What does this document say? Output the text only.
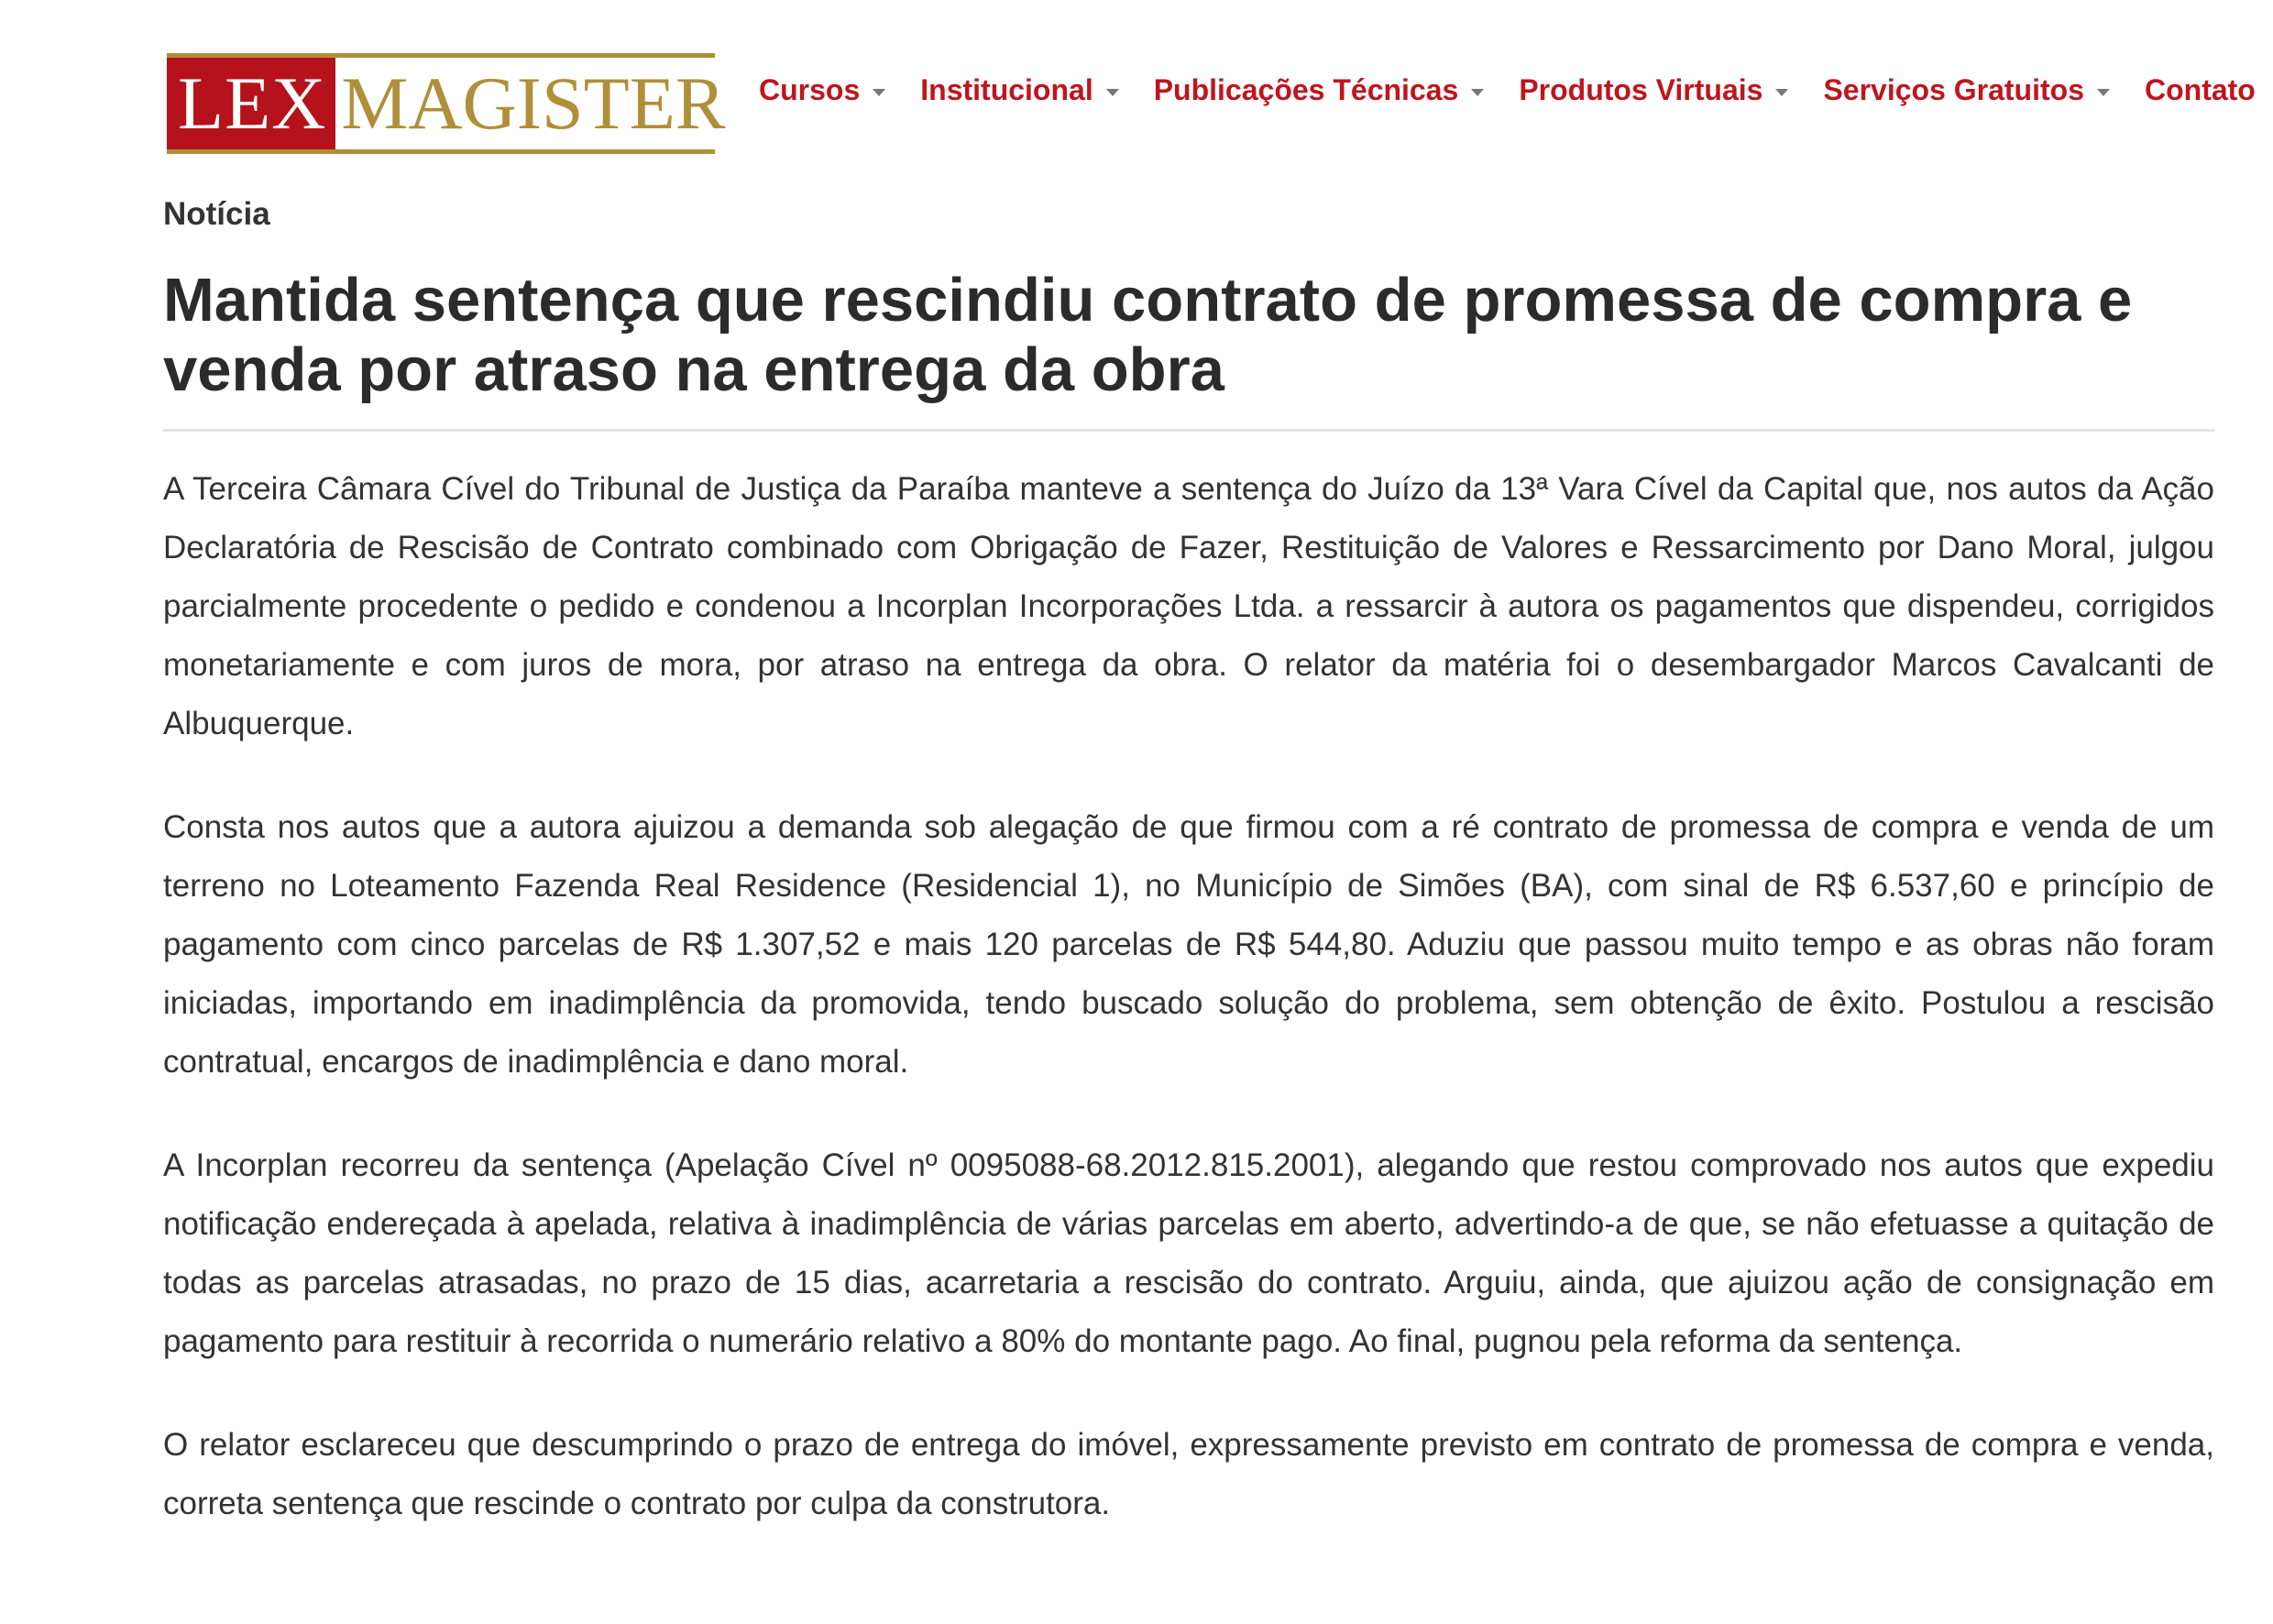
LEX MAGISTER Cursos Institucional Publicações Técnicas Produtos Virtuais Serviços Gratuitos Contato
Notícia
Mantida sentença que rescindiu contrato de promessa de compra e venda por atraso na entrega da obra

A Terceira Câmara Cível do Tribunal de Justiça da Paraíba manteve a sentença do Juízo da 13ª Vara Cível da Capital que, nos autos da Ação Declaratória de Rescisão de Contrato combinado com Obrigação de Fazer, Restituição de Valores e Ressarcimento por Dano Moral, julgou parcialmente procedente o pedido e condenou a Incorplan Incorporações Ltda. a ressarcir à autora os pagamentos que dispendeu, corrigidos monetariamente e com juros de mora, por atraso na entrega da obra. O relator da matéria foi o desembargador Marcos Cavalcanti de Albuquerque.

Consta nos autos que a autora ajuizou a demanda sob alegação de que firmou com a ré contrato de promessa de compra e venda de um terreno no Loteamento Fazenda Real Residence (Residencial 1), no Município de Simões (BA), com sinal de R$ 6.537,60 e princípio de pagamento com cinco parcelas de R$ 1.307,52 e mais 120 parcelas de R$ 544,80. Aduziu que passou muito tempo e as obras não foram iniciadas, importando em inadimplência da promovida, tendo buscado solução do problema, sem obtenção de êxito. Postulou a rescisão contratual, encargos de inadimplência e dano moral.

A Incorplan recorreu da sentença (Apelação Cível nº 0095088-68.2012.815.2001), alegando que restou comprovado nos autos que expediu notificação endereçada à apelada, relativa à inadimplência de várias parcelas em aberto, advertindo-a de que, se não efetuasse a quitação de todas as parcelas atrasadas, no prazo de 15 dias, acarretaria a rescisão do contrato. Arguiu, ainda, que ajuizou ação de consignação em pagamento para restituir à recorrida o numerário relativo a 80% do montante pago. Ao final, pugnou pela reforma da sentença.

O relator esclareceu que descumprindo o prazo de entrega do imóvel, expressamente previsto em contrato de promessa de compra e venda, correta sentença que rescinde o contrato por culpa da construtora.
